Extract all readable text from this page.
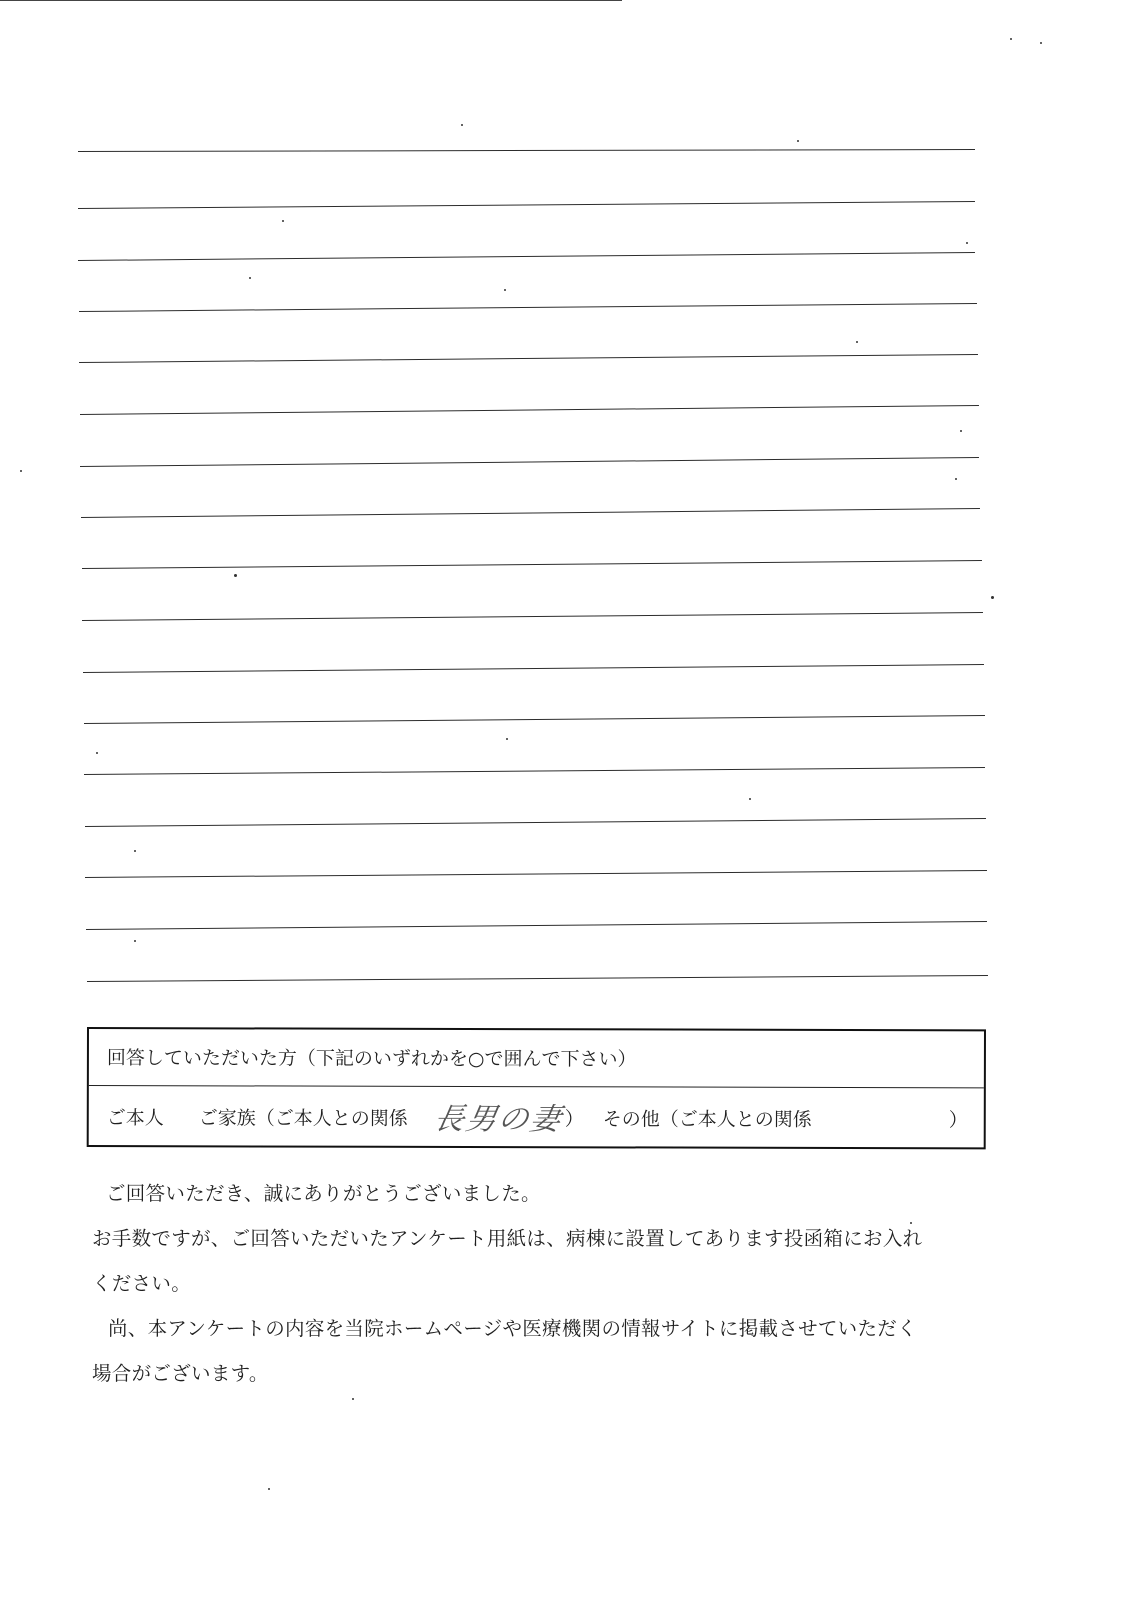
回答していただいた方（下記のいずれかを○で囲んで下さい）
ご本人 ご家族（ご本人との関係 長男の妻 ） その他（ご本人との関係	）
ご回答いただき、誠にありがとうございました。
お手数ですが、ご回答いただいたアンケート用紙は、病棟に設置してあります投函箱にお入れ
ください。
尚、本アンケートの内容を当院ホームページや医療機関の情報サイトに掲載させていただく
場合がございます。
